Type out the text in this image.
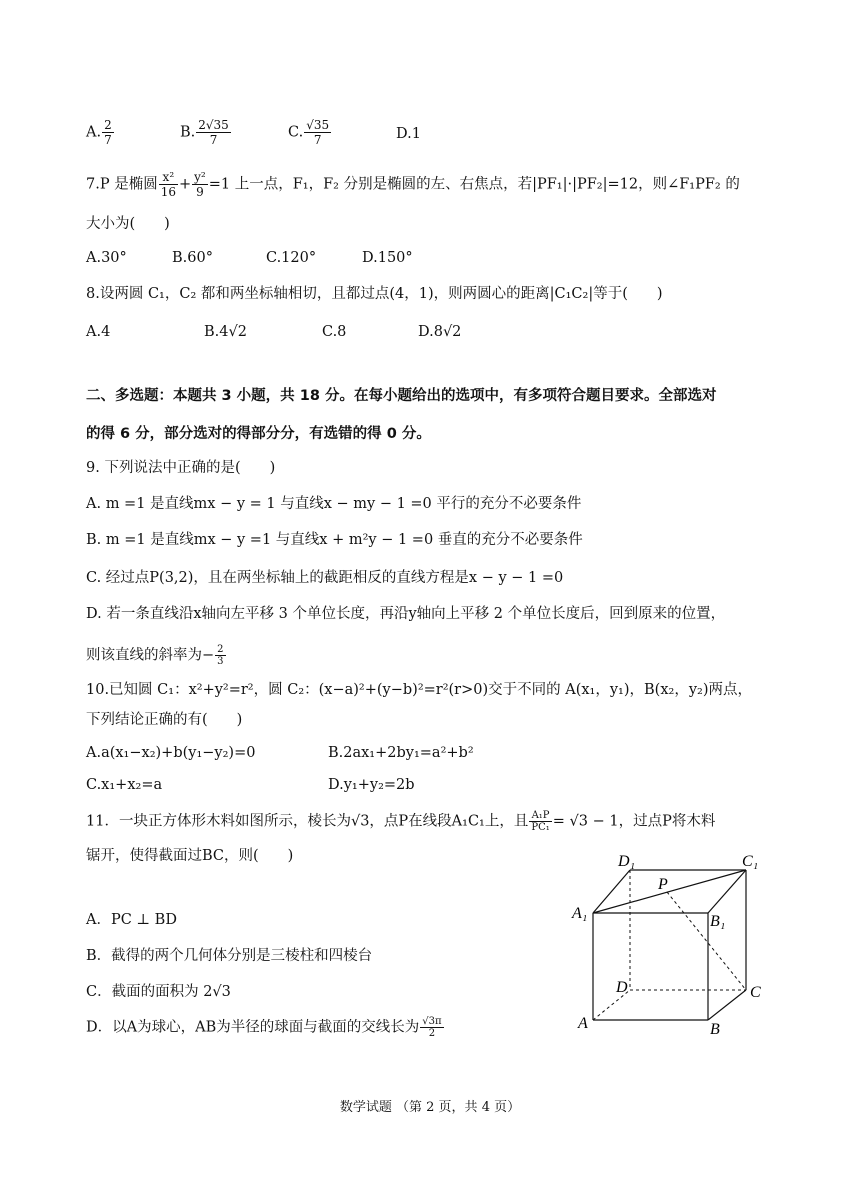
A. $\frac{2}{7}$	B. $\frac{2√35}{7}$	C. $\frac{√35}{7}$	D.1
7.P 是椭圆 $\frac{\text{x²}}{16} + \frac{\text{y²}}{9} =1$ 上一点，F₁，F₂ 分别是椭圆的左、右焦点，若|PF₁|·|PF₂|=12，则∠F₁PF₂ 的
大小为(　　)
A.30°	B.60°	C.120°	D.150°
8.设两圆 C₁，C₂ 都和两坐标轴相切，且都过点(4，1)，则两圆心的距离|C₁C₂|等于(　　)
A.4	B.4√2	C.8	D.8√2
二、多选题：本题共 3 小题，共 18 分。在每小题给出的选项中，有多项符合题目要求。全部选对
的得 6 分，部分选对的得部分分，有选错的得 0 分。
9. 下列说法中正确的是(　　)
A. m =1 是直线mx − y = 1 与直线x − my − 1 =0 平行的充分不必要条件
B. m =1 是直线mx − y =1 与直线x + m²y − 1 =0 垂直的充分不必要条件
C. 经过点P(3,2)，且在两坐标轴上的截距相反的直线方程是x − y − 1 =0
D. 若一条直线沿x轴向左平移 3 个单位长度，再沿y轴向上平移 2 个单位长度后，回到原来的位置，
则该直线的斜率为− $\frac{2}{3}$
10.已知圆 C₁：x²+y²=r²，圆 C₂：(x−a)²+(y−b)²=r²(r>0)交于不同的 A(x₁，y₁)，B(x₂，y₂)两点，
下列结论正确的有(　　)
A.a(x₁−x₂)+b(y₁−y₂)=0	B.2ax₁+2by₁=a²+b²
C.x₁+x₂=a	D.y₁+y₂=2b
11．一块正方体形木料如图所示，棱长为√3，点P在线段A₁C₁上，且 $\frac{\text{A₁P}}{\text{PC₁}} = √3 - 1$，过点P将木料
锯开，使得截面过BC，则(　　)
A．PC ⊥ BD
B．截得的两个几何体分别是三棱柱和四棱台
C．截面的面积为 2√3
D．以A为球心，AB为半径的球面与截面的交线长为 $\frac{√3\pi}{2}$
D₁	C₁
P
A₁	B₁
D	C
A	B
数学试题 （第 2 页，共 4 页）
